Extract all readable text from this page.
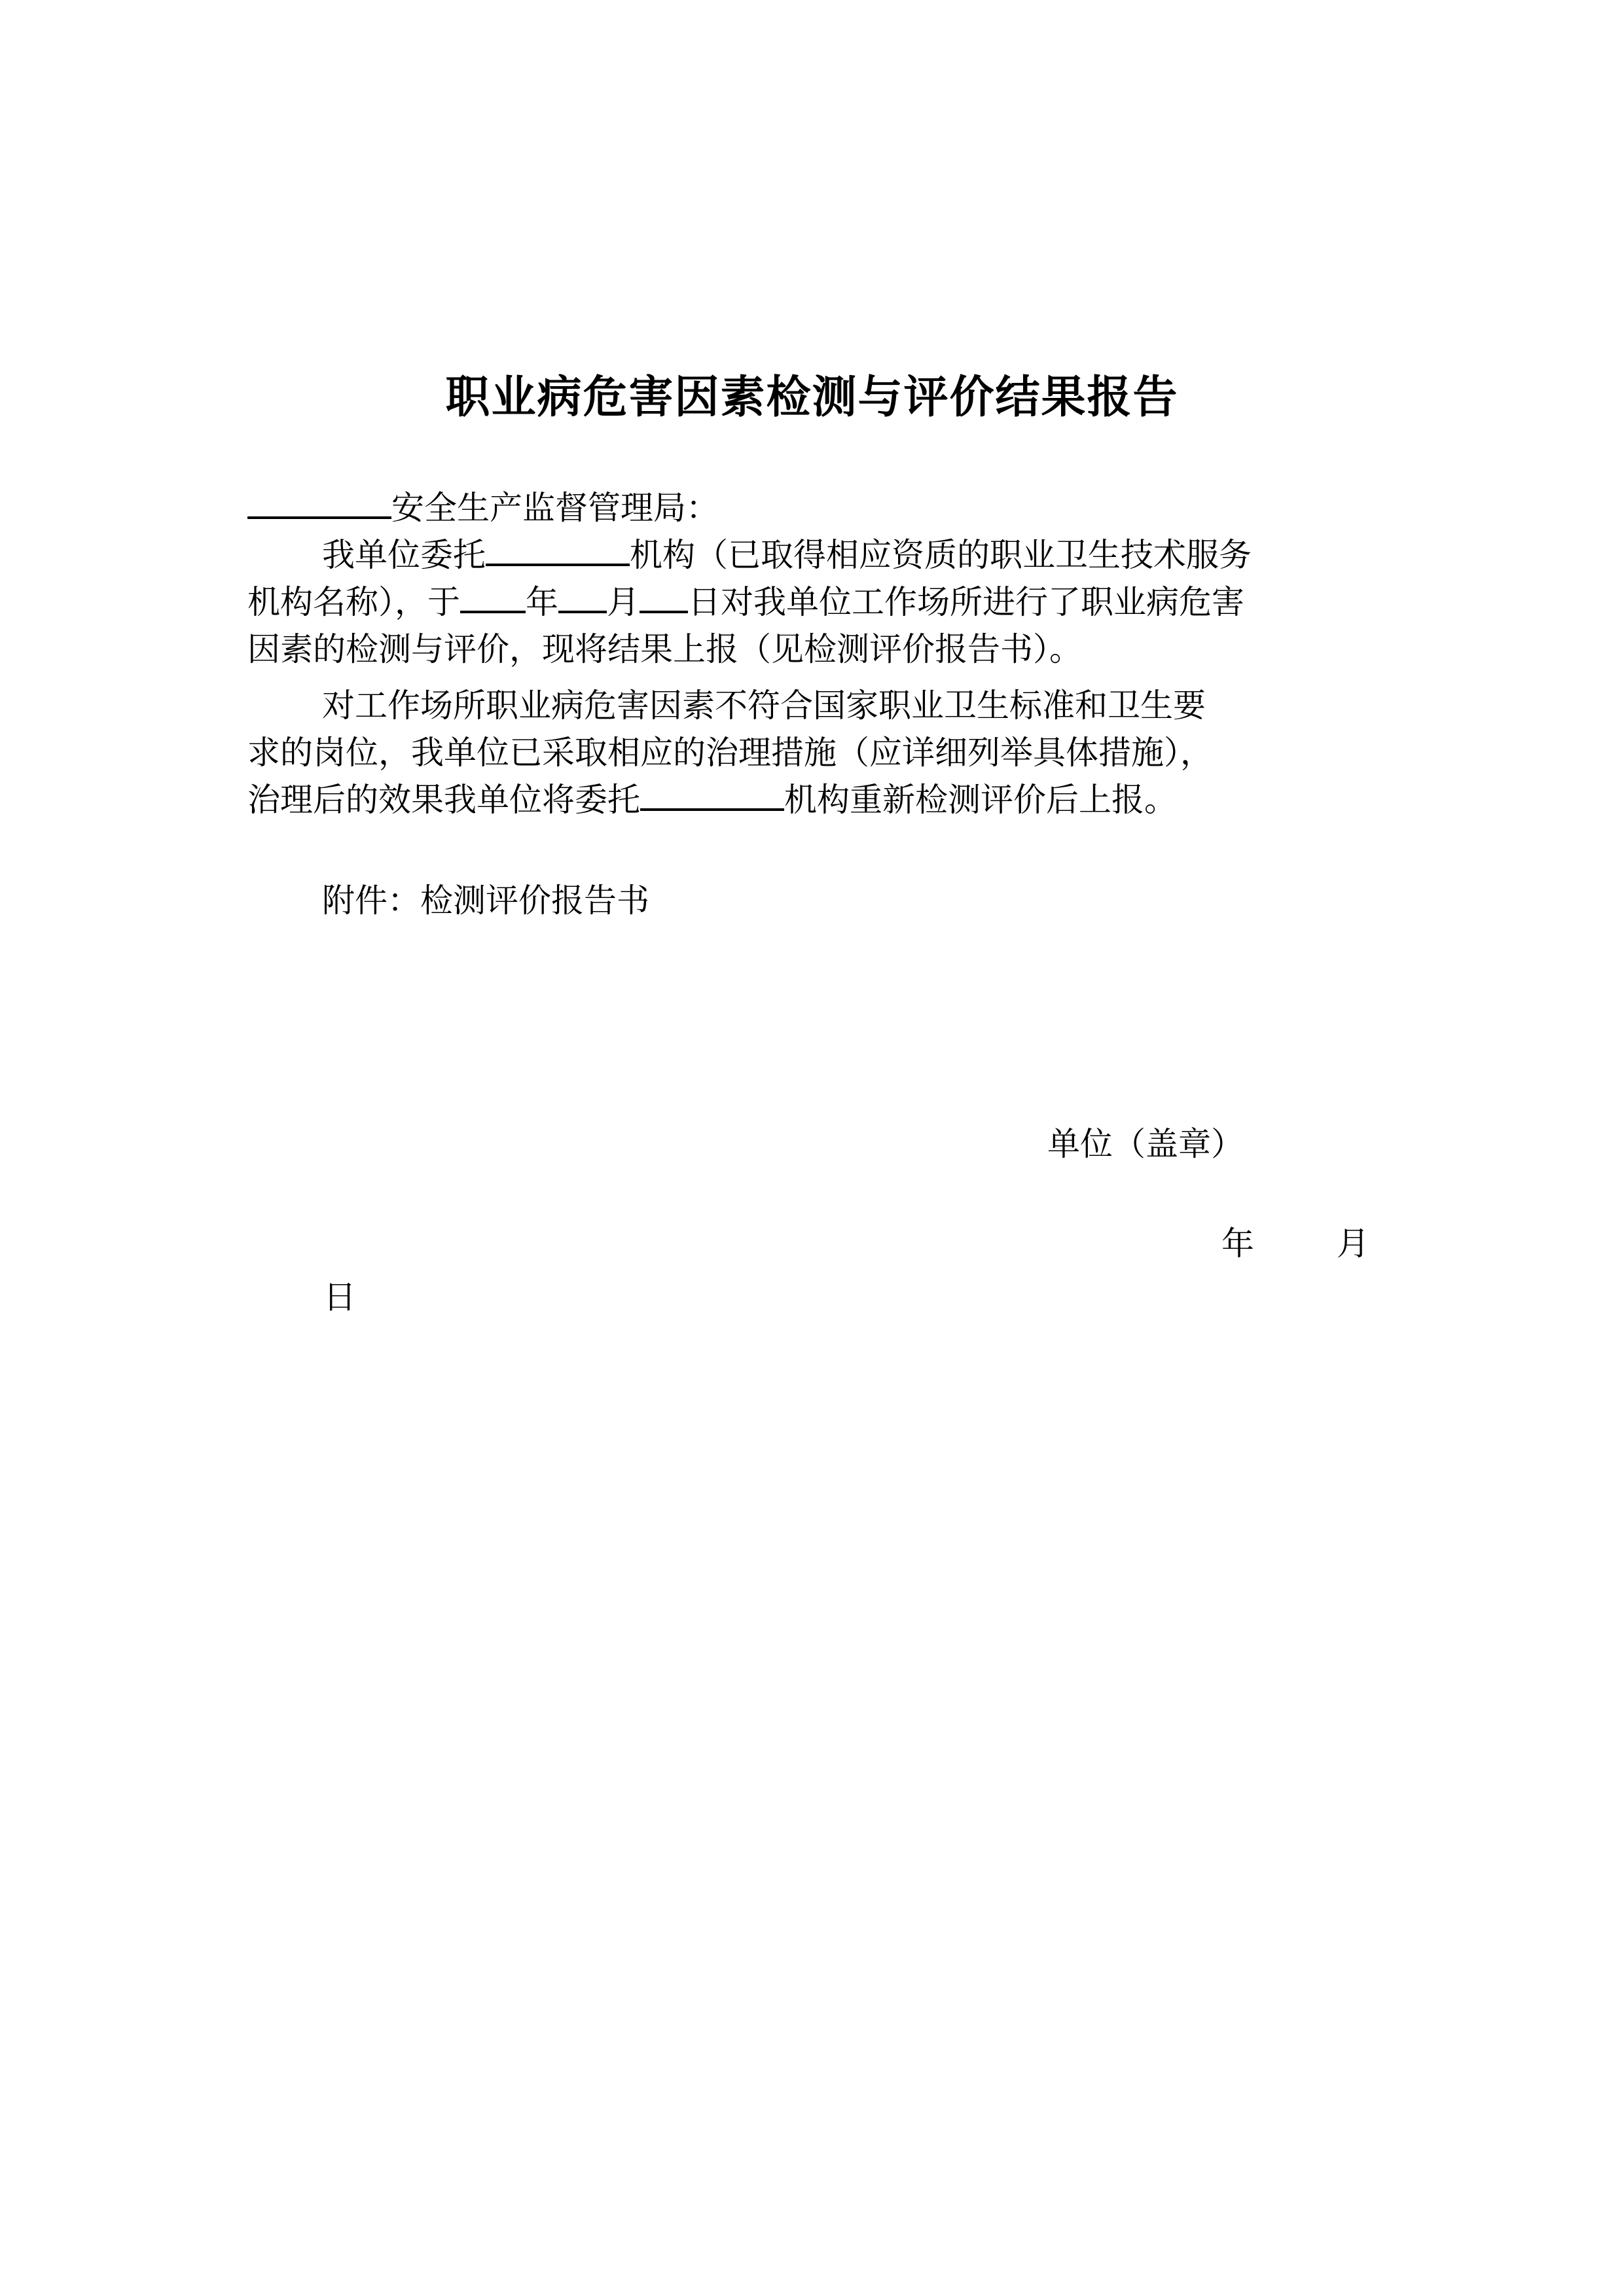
职业病危害因素检测与评价结果报告
安全生产监督管理局：
我单位委托	机构（已取得相应资质的职业卫生技术服务
机构名称），于 年 月 日对我单位工作场所进行了职业病危害
因素的检测与评价，现将结果上报（见检测评价报告书）。
对工作场所职业病危害因素不符合国家职业卫生标准和卫生要
求的岗位，我单位已采取相应的治理措施（应详细列举具体措施），
治理后的效果我单位将委托	机构重新检测评价后上报。
附件：检测评价报告书
单位（盖章）
年	月
日
